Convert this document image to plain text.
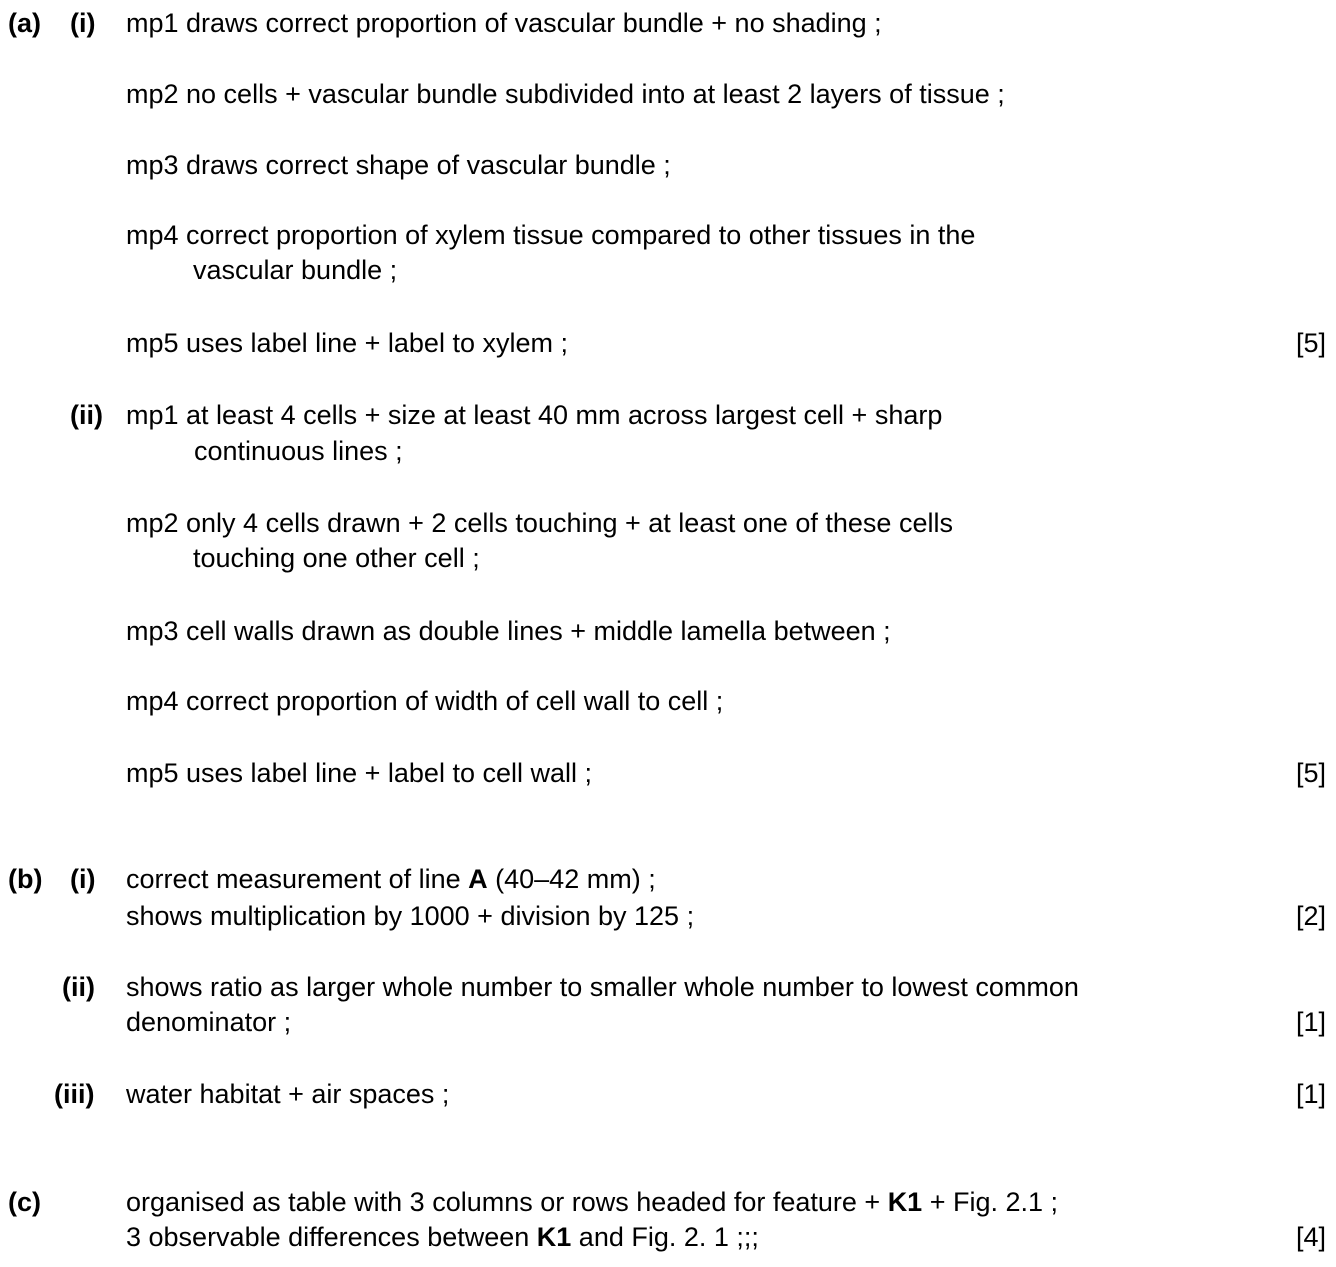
(a) (i) mp1 draws correct proportion of vascular bundle + no shading ;
mp2 no cells + vascular bundle subdivided into at least 2 layers of tissue ;
mp3 draws correct shape of vascular bundle ;
mp4 correct proportion of xylem tissue compared to other tissues in the
vascular bundle ;
mp5 uses label line + label to xylem ;	[5]
(ii) mp1 at least 4 cells + size at least 40 mm across largest cell + sharp
continuous lines ;
mp2 only 4 cells drawn + 2 cells touching + at least one of these cells
touching one other cell ;
mp3 cell walls drawn as double lines + middle lamella between ;
mp4 correct proportion of width of cell wall to cell ;
mp5 uses label line + label to cell wall ;	[5]
(b) (i) correct measurement of line A (40–42 mm) ;
shows multiplication by 1000 + division by 125 ;	[2]
(ii) shows ratio as larger whole number to smaller whole number to lowest common
denominator ;	[1]
(iii) water habitat + air spaces ;	[1]
(c)	organised as table with 3 columns or rows headed for feature + K1 + Fig. 2.1 ;
3 observable differences between K1 and Fig. 2. 1 ;;;	[4]
